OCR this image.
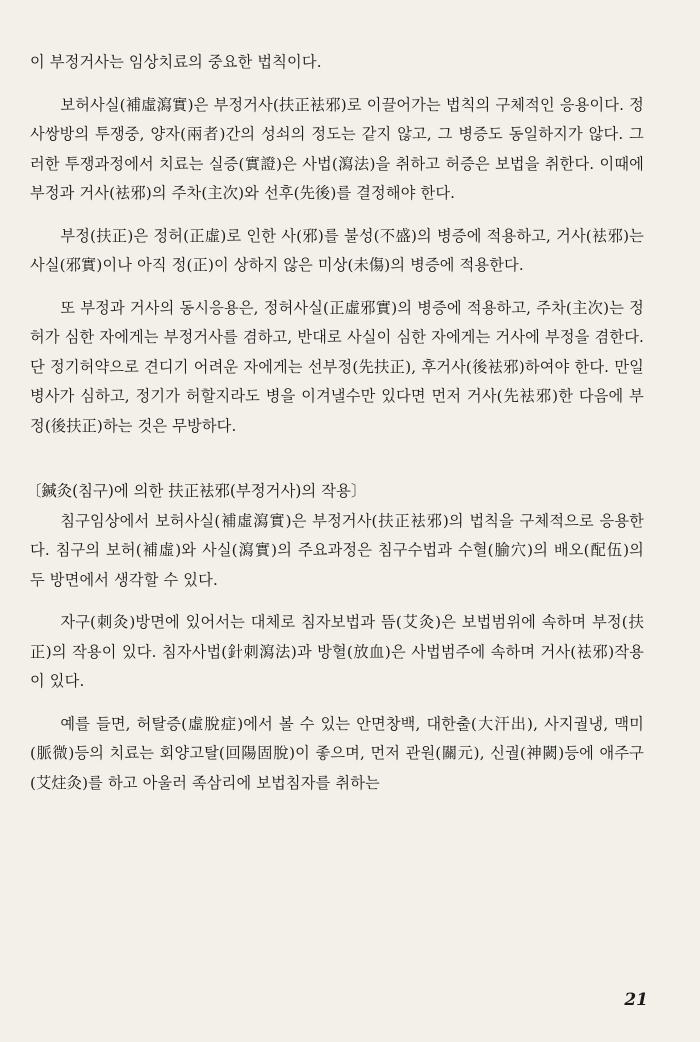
이 부정거사는 임상치료의 중요한 법칙이다.

보허사실(補虛瀉實)은 부정거사(扶正袪邪)로 이끌어가는 법칙의 구체적인 응용이다. 정사쌍방의 투쟁중, 양자(兩者)간의 성쇠의 정도는 같지 않고, 그 병증도 동일하지가 않다. 그러한 투쟁과정에서 치료는 실증(實證)은 사법(瀉法)을 취하고 허증은 보법을 취한다. 이때에 부정과 거사(袪邪)의 주차(主次)와 선후(先後)를 결정해야 한다.

부정(扶正)은 정허(正虛)로 인한 사(邪)를 불성(不盛)의 병증에 적용하고, 거사(袪邪)는 사실(邪實)이나 아직 정(正)이 상하지 않은 미상(未傷)의 병증에 적용한다.

또 부정과 거사의 동시응용은, 정허사실(正虛邪實)의 병증에 적용하고, 주차(主次)는 정허가 심한 자에게는 부정거사를 겸하고, 반대로 사실이 심한 자에게는 거사에 부정을 겸한다. 단 정기허약으로 견디기 어려운 자에게는 선부정(先扶正), 후거사(後袪邪)하여야 한다. 만일 병사가 심하고, 정기가 허할지라도 병을 이겨낼수만 있다면 먼저 거사(先袪邪)한 다음에 부정(後扶正)하는 것은 무방하다.

〔鍼灸(침구)에 의한 扶正袪邪(부정거사)의 작용〕

침구임상에서 보허사실(補虛瀉實)은 부정거사(扶正袪邪)의 법칙을 구체적으로 응용한다. 침구의 보허(補虛)와 사실(瀉實)의 주요과정은 침구수법과 수혈(腧穴)의 배오(配伍)의 두 방면에서 생각할 수 있다.

자구(刺灸)방면에 있어서는 대체로 침자보법과 뜸(艾灸)은 보법범위에 속하며 부정(扶正)의 작용이 있다. 침자사법(針刺瀉法)과 방혈(放血)은 사법범주에 속하며 거사(袪邪)작용이 있다.

예를 들면, 허탈증(虛脫症)에서 볼 수 있는 안면창백, 대한출(大汗出), 사지궐냉, 맥미(脈微)등의 치료는 회양고탈(回陽固脫)이 좋으며, 먼저 관원(關元), 신궐(神闕)등에 애주구(艾炷灸)를 하고 아울러 족삼리에 보법침자를 취하는

21
